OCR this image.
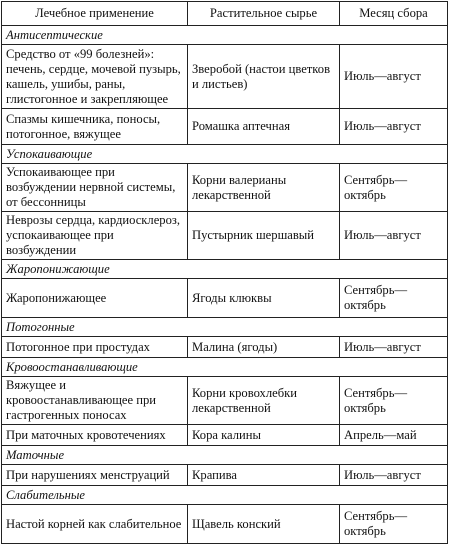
Лечебное применение	Растительное сырье	Месяц сбора
Антисептические		
Средство от «99 болезней»: печень, сердце, мочевой пузырь, кашель, ушибы, раны, глистогонное и закрепляющее	Зверобой (настои цветков и листьев)	Июль—август
Спазмы кишечника, поносы, потогонное, вяжущее	Ромашка аптечная	Июль—август
Успокаивающие		
Успокаивающее при возбуждении нервной системы, от бессонницы	Корни валерианы лекарственной	Сентябрь—октябрь
Неврозы сердца, кардиосклероз, успокаивающее при возбуждении	Пустырник шершавый	Июль—август
Жаропонижающие		
Жаропонижающее	Ягоды клюквы	Сентябрь—октябрь
Потогонные		
Потогонное при простудах	Малина (ягоды)	Июль—август
Кровоостанавливающие		
Вяжущее и кровоостанавливающее при гастрогенных поносах	Корни кровохлебки лекарственной	Сентябрь—октябрь
При маточных кровотечениях	Кора калины	Апрель—май
Маточные		
При нарушениях менструаций	Крапива	Июль—август
Слабительные		
Настой корней как слабительное	Щавель конский	Сентябрь—октябрь
